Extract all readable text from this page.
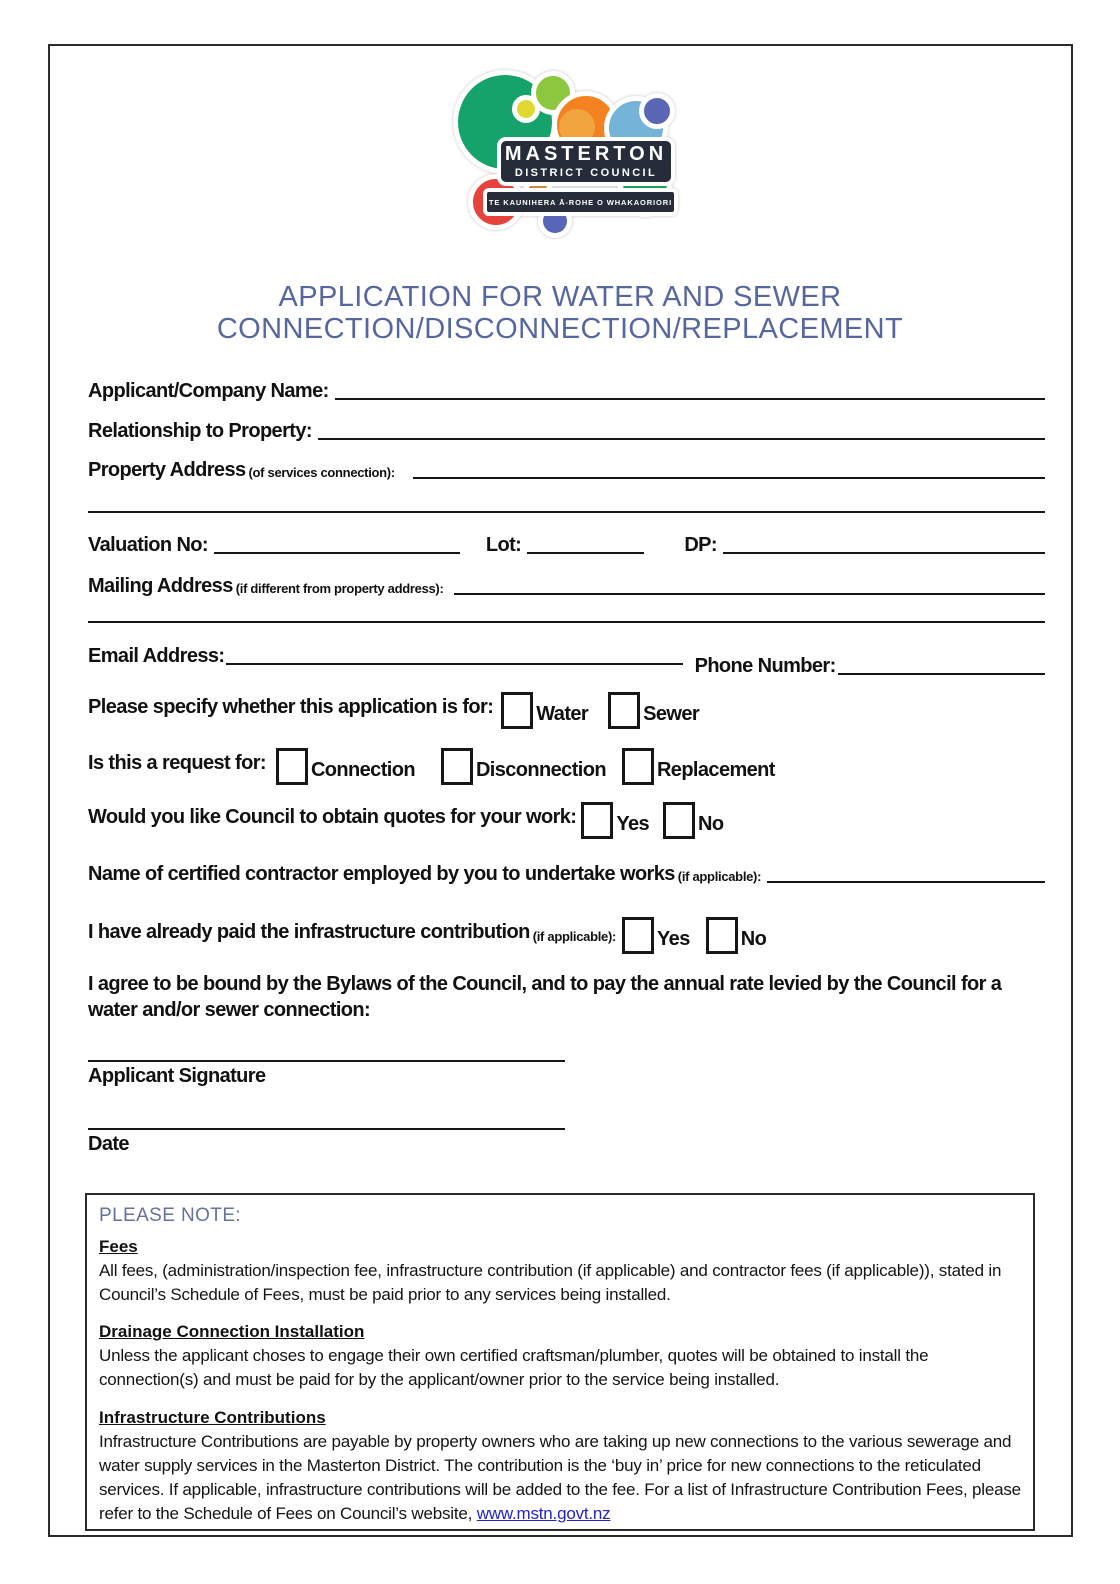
MASTERTON
DISTRICT COUNCIL
TE KAUNIHERA Ā-ROHE O WHAKAORIORI
APPLICATION FOR WATER AND SEWER
CONNECTION/DISCONNECTION/REPLACEMENT
Applicant/Company Name:
Relationship to Property:
Property Address (of services connection):
Valuation No:	Lot:	DP:
Mailing Address (if different from property address):
Email Address:	Phone Number:
Please specify whether this application is for: Water	Sewer
Is this a request for: Connection	Disconnection	Replacement
Would you like Council to obtain quotes for your work: Yes No
Name of certified contractor employed by you to undertake works (if applicable):
I have already paid the infrastructure contribution (if applicable): Yes	No

I agree to be bound by the Bylaws of the Council, and to pay the annual rate levied by the Council for a water and/or sewer connection:

Applicant Signature
Date
PLEASE NOTE:
Fees

All fees, (administration/inspection fee, infrastructure contribution (if applicable) and contractor fees (if applicable)), stated in Council’s Schedule of Fees, must be paid prior to any services being installed.

Drainage Connection Installation

Unless the applicant choses to engage their own certified craftsman/plumber, quotes will be obtained to install the connection(s) and must be paid for by the applicant/owner prior to the service being installed.

Infrastructure Contributions

Infrastructure Contributions are payable by property owners who are taking up new connections to the various sewerage and water supply services in the Masterton District. The contribution is the ‘buy in’ price for new connections to the reticulated services. If applicable, infrastructure contributions will be added to the fee. For a list of Infrastructure Contribution Fees, please refer to the Schedule of Fees on Council’s website, www.mstn.govt.nz
